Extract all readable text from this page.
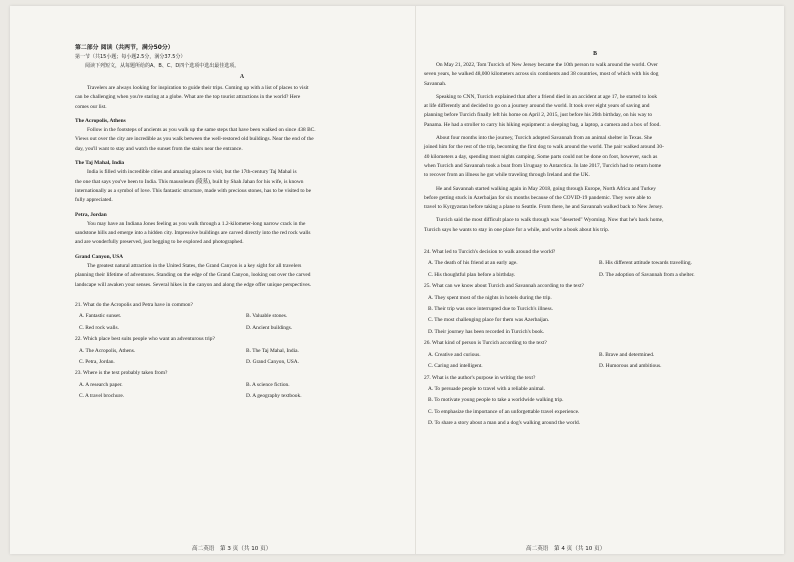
第二部分 阅读（共两节，满分50分）
第一节（共15小题；每小题2.5分，满分37.5分）
阅读下列短文，从每题所给的A、B、C、D四个选项中选出最佳选项。
A
Travelers are always looking for inspiration to guide their trips. Coming up with a list of places to visit
can be challenging when you're staring at a globe. What are the top tourist attractions in the world? Here
comes our list.
The Acropolis, Athens
Follow in the footsteps of ancients as you walk up the same steps that have been walked on since 438 BC.
Views out over the city are incredible as you walk between the well-restored old buildings. Near the end of the
day, you'll want to stay and watch the sunset from the stairs near the entrance.
The Taj Mahal, India
India is filled with incredible cities and amazing places to visit, but the 17th-century Taj Mahal is
the one that says you've been to India. This mausoleum (陵墓), built by Shah Jahan for his wife, is known
internationally as a symbol of love. This fantastic structure, made with precious stones, has to be visited to be
fully appreciated.
Petra, Jordan
You may have an Indiana Jones feeling as you walk through a 1.2-kilometer-long narrow crack in the
sandstone hills and emerge into a hidden city. Impressive buildings are carved directly into the red rock walls
and are wonderfully preserved, just begging to be explored and photographed.
Grand Canyon, USA
The greatest natural attraction in the United States, the Grand Canyon is a key sight for all travelers
planning their lifetime of adventures. Standing on the edge of the Grand Canyon, looking out over the carved
landscape will awaken your senses. Several hikes in the canyon and along the edge offer unique perspectives.
21. What do the Acropolis and Petra have in common?
A. Fantastic sunset.	B. Valuable stones.
C. Red rock walls.	D. Ancient buildings.
22. Which place best suits people who want an adventurous trip?
A. The Acropolis, Athens.	B. The Taj Mahal, India.
C. Petra, Jordan.	D. Grand Canyon, USA.
23. Where is the text probably taken from?
A. A research paper.	B. A science fiction.
C. A travel brochure.	D. A geography textbook.
高二英语　第 3 页（共 10 页）
B
On May 21, 2022, Tom Turcich of New Jersey became the 10th person to walk around the world. Over
seven years, he walked 48,000 kilometers across six continents and 38 countries, most of which with his dog
Savannah.
Speaking to CNN, Turcich explained that after a friend died in an accident at age 17, he started to look
at life differently and decided to go on a journey around the world. It took over eight years of saving and
planning before Turcich finally left his home on April 2, 2015, just before his 26th birthday, on his way to
Panama. He had a stroller to carry his hiking equipment: a sleeping bag, a laptop, a camera and a box of food.
About four months into the journey, Turcich adopted Savannah from an animal shelter in Texas. She
joined him for the rest of the trip, becoming the first dog to walk around the world. The pair walked around 30-
40 kilometers a day, spending most nights camping. Some parts could not be done on foot, however, such as
when Turcich and Savannah took a boat from Uruguay to Antarctica. In late 2017, Turcich had to return home
to recover from an illness he got while traveling through Ireland and the UK.
He and Savannah started walking again in May 2018, going through Europe, North Africa and Turkey
before getting stuck in Azerbaijan for six months because of the COVID-19 pandemic. They were able to
travel to Kyrgyzstan before taking a plane to Seattle. From there, he and Savannah walked back to New Jersey.
Turcich said the most difficult place to walk through was "deserted" Wyoming. Now that he's back home,
Turcich says he wants to stay in one place for a while, and write a book about his trip.
24. What led to Turcich's decision to walk around the world?
A. The death of his friend at an early age.	B. His different attitude towards travelling.
C. His thoughtful plan before a birthday.	D. The adoption of Savannah from a shelter.
25. What can we know about Turcich and Savannah according to the text?
A. They spent most of the nights in hotels during the trip.
B. Their trip was once interrupted due to Turcich's illness.
C. The most challenging place for them was Azerbaijan.
D. Their journey has been recorded in Turcich's book.
26. What kind of person is Turcich according to the text?
A. Creative and curious.	B. Brave and determined.
C. Caring and intelligent.	D. Humorous and ambitious.
27. What is the author's purpose in writing the text?
A. To persuade people to travel with a reliable animal.
B. To motivate young people to take a worldwide walking trip.
C. To emphasize the importance of an unforgettable travel experience.
D. To share a story about a man and a dog's walking around the world.
高二英语　第 4 页（共 10 页）
